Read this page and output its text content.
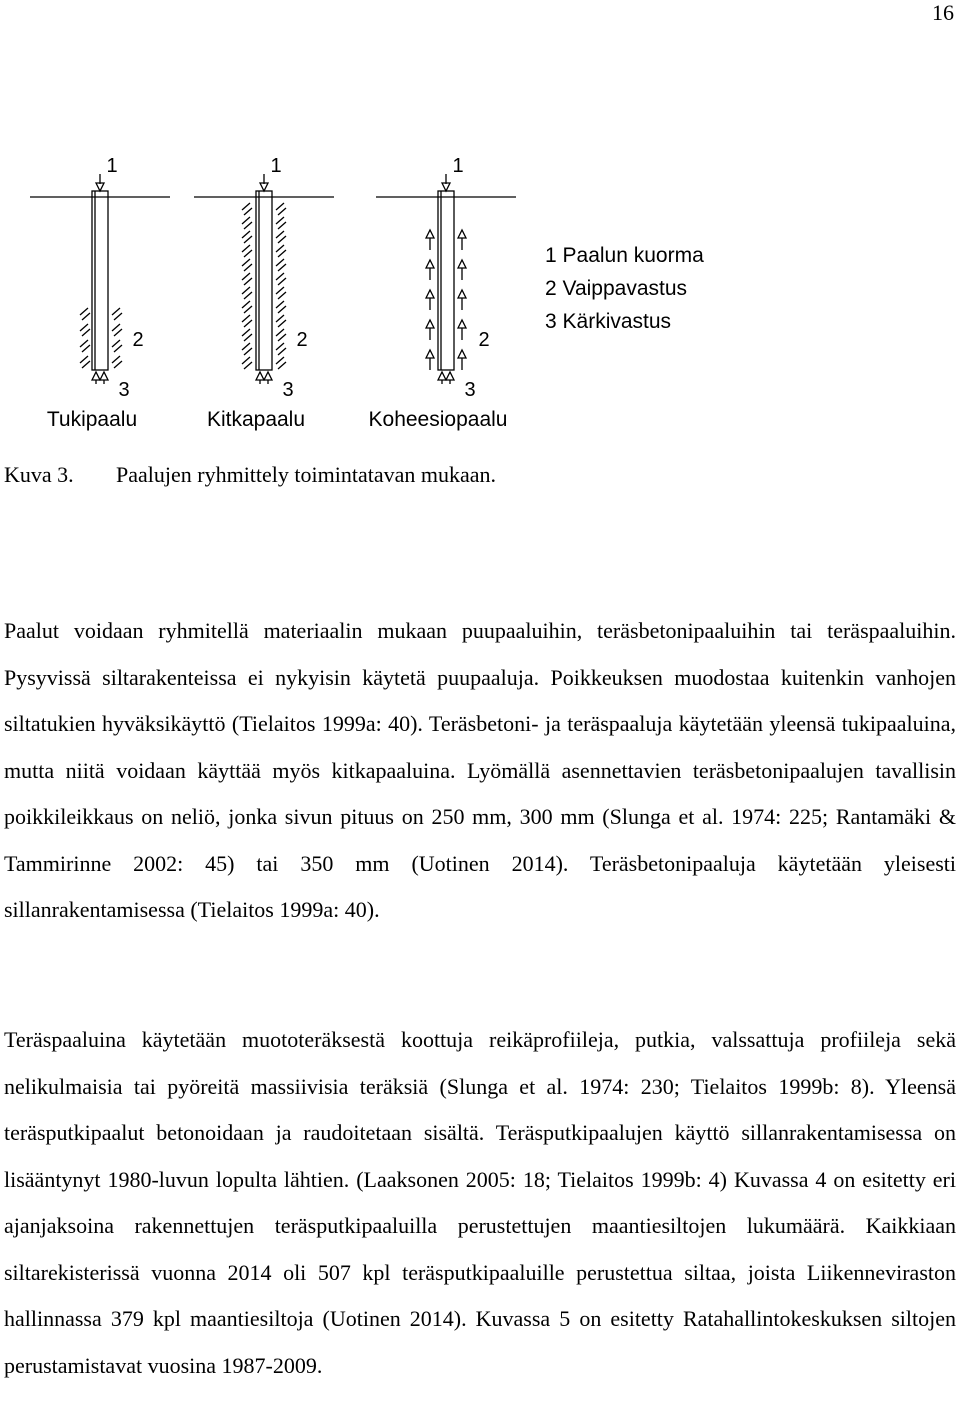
16
1
2
3
Tukipaalu
1
2
3
Kitkapaalu
1
2
3
Koheesiopaalu
1 Paalun kuorma
2 Vaippavastus
3 Kärkivastus
Kuva 3. Paalujen ryhmittely toimintatavan mukaan.

Paalut voidaan ryhmitellä materiaalin mukaan puupaaluihin, teräsbetonipaaluihin tai teräspaaluihin. Pysyvissä siltarakenteissa ei nykyisin käytetä puupaaluja. Poikkeuksen muodostaa kuitenkin vanhojen siltatukien hyväksikäyttö (Tielaitos 1999a: 40). Teräsbetoni- ja teräspaaluja käytetään yleensä tukipaaluina, mutta niitä voidaan käyttää myös kitkapaaluina. Lyömällä asennettavien teräsbetonipaalujen tavallisin poikkileikkaus on neliö, jonka sivun pituus on 250 mm, 300 mm (Slunga et al. 1974: 225; Rantamäki & Tammirinne 2002: 45) tai 350 mm (Uotinen 2014). Teräsbetonipaaluja käytetään yleisesti sillanrakentamisessa (Tielaitos 1999a: 40).

Teräspaaluina käytetään muototeräksestä koottuja reikäprofiileja, putkia, valssattuja profiileja sekä nelikulmaisia tai pyöreitä massiivisia teräksiä (Slunga et al. 1974: 230; Tielaitos 1999b: 8). Yleensä teräsputkipaalut betonoidaan ja raudoitetaan sisältä. Teräsputkipaalujen käyttö sillanrakentamisessa on lisääntynyt 1980-luvun lopulta lähtien. (Laaksonen 2005: 18; Tielaitos 1999b: 4) Kuvassa 4 on esitetty eri ajanjaksoina rakennettujen teräsputkipaaluilla perustettujen maantiesiltojen lukumäärä. Kaikkiaan siltarekisterissä vuonna 2014 oli 507 kpl teräsputkipaaluille perustettua siltaa, joista Liikenneviraston hallinnassa 379 kpl maantiesiltoja (Uotinen 2014). Kuvassa 5 on esitetty Ratahallintokeskuksen siltojen perustamistavat vuosina 1987-2009.
